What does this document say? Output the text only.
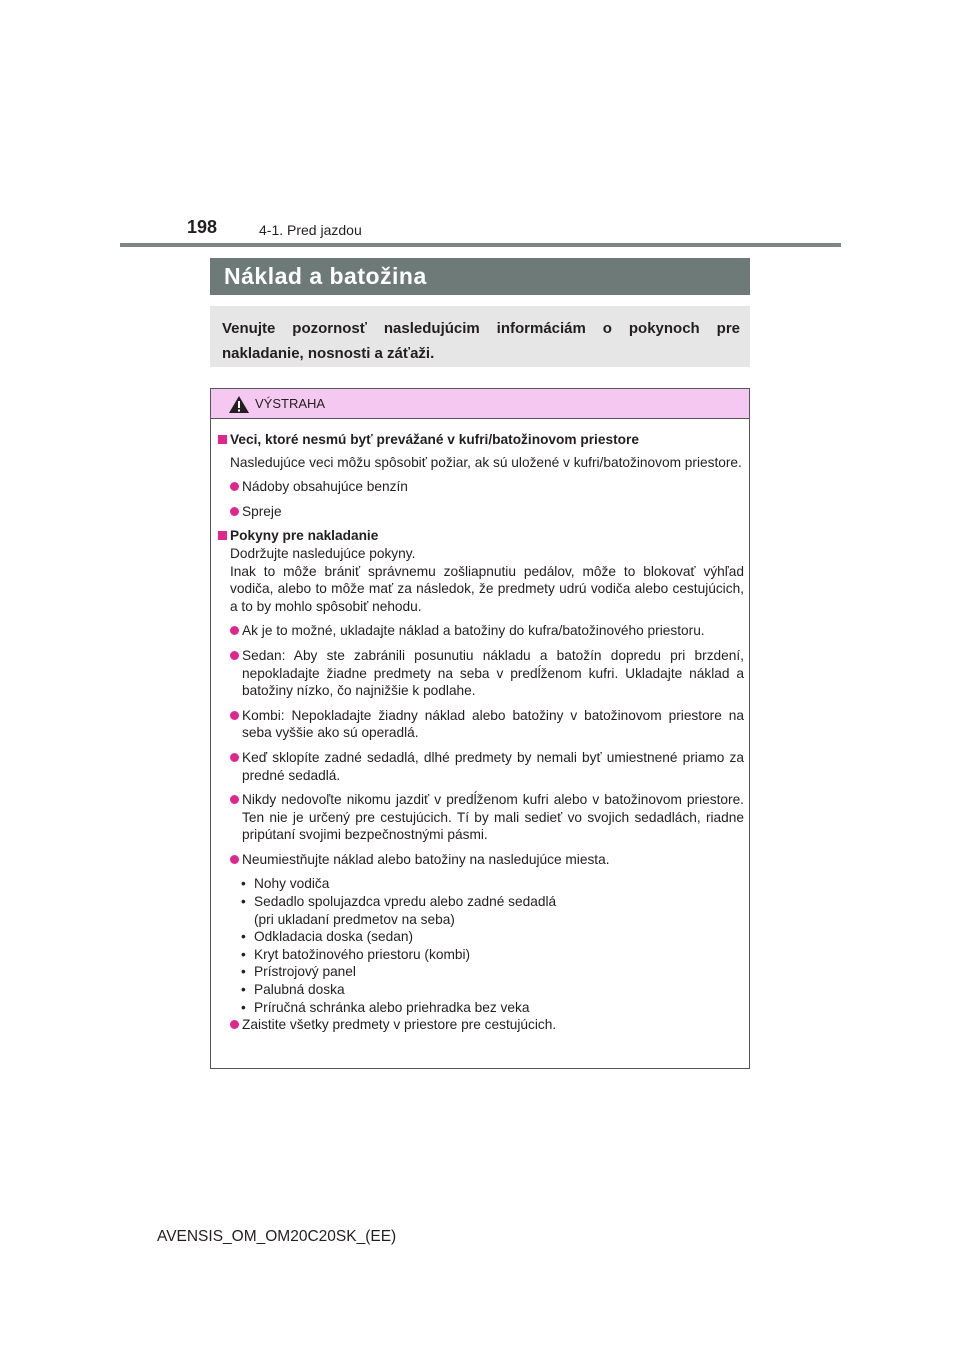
198	4-1. Pred jazdou
Náklad a batožina
Venujte pozornosť nasledujúcim informáciám o pokynoch pre nakladanie, nosnosti a záťaži.
VÝSTRAHA
Veci, ktoré nesmú byť prevážané v kufri/batožinovom priestore
Nasledujúce veci môžu spôsobiť požiar, ak sú uložené v kufri/batožinovom priestore.
Nádoby obsahujúce benzín
Spreje
Pokyny pre nakladanie
Dodržujte nasledujúce pokyny.
Inak to môže brániť správnemu zošliapnutiu pedálov, môže to blokovať výhľad vodiča, alebo to môže mať za následok, že predmety udrú vodiča alebo cestujúcich, a to by mohlo spôsobiť nehodu.
Ak je to možné, ukladajte náklad a batožiny do kufra/batožinového priestoru.
Sedan: Aby ste zabránili posunutiu nákladu a batožín dopredu pri brzdení, nepokladajte žiadne predmety na seba v predĺženom kufri. Ukladajte náklad a batožiny nízko, čo najnižšie k podlahe.
Kombi: Nepokladajte žiadny náklad alebo batožiny v batožinovom priestore na seba vyššie ako sú operadlá.
Keď sklopíte zadné sedadlá, dlhé predmety by nemali byť umiestnené priamo za predné sedadlá.
Nikdy nedovoľte nikomu jazdiť v predĺženom kufri alebo v batožinovom priestore. Ten nie je určený pre cestujúcich. Tí by mali sedieť vo svojich sedadlách, riadne pripútaní svojimi bezpečnostnými pásmi.
Neumiestňujte náklad alebo batožiny na nasledujúce miesta.
• Nohy vodiča
• Sedadlo spolujazdca vpredu alebo zadné sedadlá
(pri ukladaní predmetov na seba)
• Odkladacia doska (sedan)
• Kryt batožinového priestoru (kombi)
• Prístrojový panel
• Palubná doska
• Príručná schránka alebo priehradka bez veka
Zaistite všetky predmety v priestore pre cestujúcich.
AVENSIS_OM_OM20C20SK_(EE)
